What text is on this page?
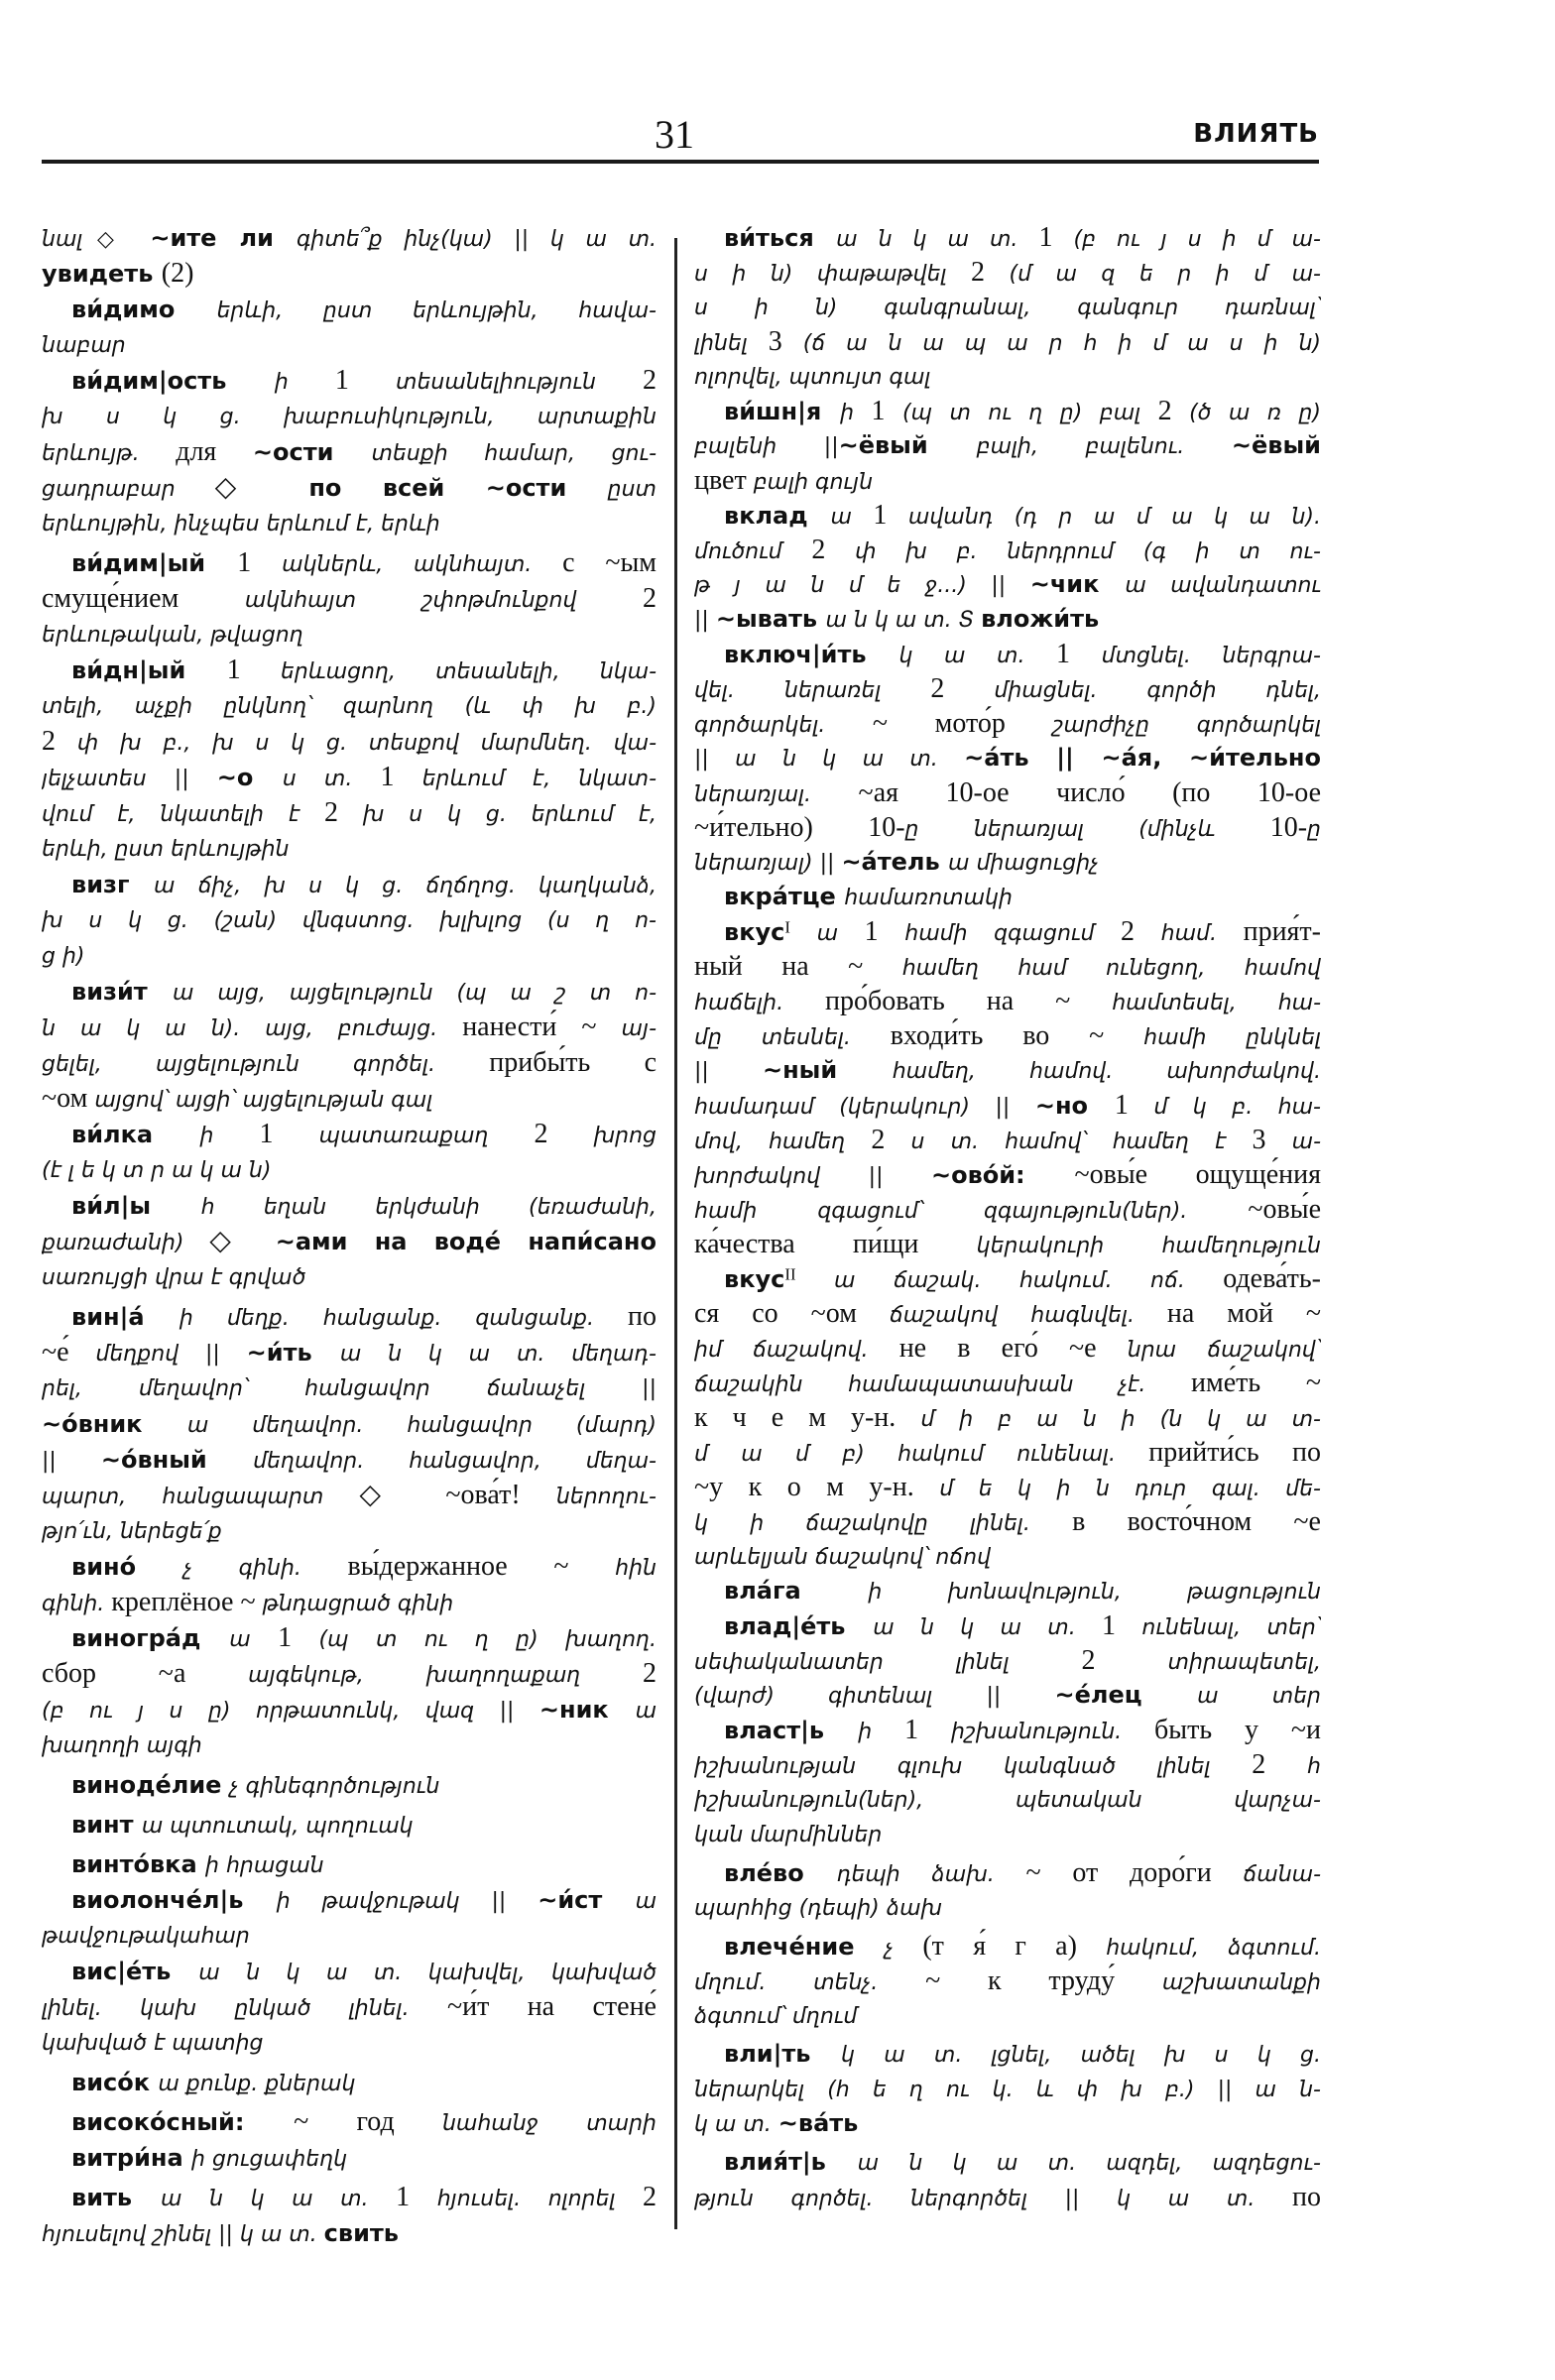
31	ВЛИЯТЬ
նալ◇ ~ите ли գիտե՞ք ինչ(կա) || կ ա տ.
увидеть (2)
ви́димо երևի, ըստ երևույթին, հավա-
նաբար
ви́дим|ость ի 1 տեսանելիություն 2
խ ս կ ց. խաբուսիկություն, արտաքին
երևույթ. для ~ости տեսքի համար, ցու-
ցադրաբար ◇ по всей ~ости ըստ
երևույթին, ինչպես երևում է, երևի
ви́дим|ый 1 ակներև, ակնհայտ. с ~ым
смуще́нием ակնհայտ շփոթմունքով 2
երևութական, թվացող
ви́дн|ый 1 երևացող, տեսանելի, նկա-
տելի, աչքի ընկնող՝ զարնող (և փ խ բ.)
2 փ խ բ., խ ս կ ց. տեսքով մարմնեղ. վա-
յելչատես || ~о ս տ. 1 երևում է, նկատ-
վում է, նկատելի է 2 խ ս կ ց. երևում է,
երևի, ըստ երևույթին
визг ա ճիչ, խ ս կ ց. ճղճղոց. կաղկանձ,
խ ս կ ց. (շան) վնգստոց. խլխլոց (ս ղ ո-
ց ի)
визи́т ա այց, այցելություն (պ ա շ տ ո-
ն ա կ ա ն). այց, բուժայց. нанести́ ~ այ-
ցելել, այցելություն գործել. прибы́ть с
~ом այցով՝ այցի՝ այցելության գալ
ви́лка ի 1 պատառաքաղ 2 խրոց
(է լ ե կ տ ր ա կ ա ն)
ви́л|ы հ եղան երկժանի (եռաժանի,
քառաժանի) ◇ ~ами на воде́ напи́сано
սառույցի վրա է գրված
вин|а́ ի մեղք. հանցանք. զանցանք. по
~е́ մեղքով || ~и́ть ա ն կ ա տ. մեղադ-
րել, մեղավոր՝ հանցավոր ճանաչել ||
~о́вник ա մեղավոր. հանցավոր (մարդ)
|| ~о́вный մեղավոր. հանցավոր, մեղա-
պարտ, հանցապարտ ◇ ~ова́т! ներողու-
թյո՛ւն, ներեցե՛ք
вино́ չ գինի. вы́держанное ~ հին
գինի. креплёное ~ թնդացրած գինի
виногра́д ա 1 (պ տ ու ղ ը) խաղող.
сбор ~а այգեկութ, խաղողաքաղ 2
(բ ու յ ս ը) որթատունկ, վազ || ~ник ա
խաղողի այգի
виноде́лие չ գինեգործություն
винт ա պտուտակ, պողուակ
винто́вка ի հրացան
виолонче́л|ь ի թավջութակ || ~и́ст ա
թավջութակահար
вис|е́ть ա ն կ ա տ. կախվել, կախված
լինել. կախ ընկած լինել. ~и́т на стене́
կախված է պատից
висо́к ա քունք. քներակ
високо́сный: ~ год նահանջ տարի
витри́на ի ցուցափեղկ
вить ա ն կ ա տ. 1 հյուսել. ոլորել 2
հյուսելով շինել || կ ա տ. свить
ви́ться ա ն կ ա տ. 1 (բ ու յ ս ի մ ա-
ս ի ն) փաթաթվել 2 (մ ա զ ե ր ի մ ա-
ս ի ն) գանգրանալ, գանգուր դառնալ՝
լինել 3 (ճ ա ն ա պ ա ր հ ի մ ա ս ի ն)
ոլորվել, պտույտ գալ
ви́шн|я ի 1 (պ տ ու ղ ը) բալ 2 (ծ ա ռ ը)
բալենի ||~ёвый բալի, բալենու. ~ёвый
цвет բալի գույն
вклад ա 1 ավանդ (դ ր ա մ ա կ ա ն).
մուծում 2 փ խ բ. ներդրում (գ ի տ ու-
թ յ ա ն մ ե ջ...) || ~чик ա ավանդատու
|| ~ывать ա ն կ ա տ. Տ вложи́ть
включ|и́ть կ ա տ. 1 մտցնել. ներգրա-
վել. ներառել 2 միացնել. գործի դնել,
գործարկել. ~ мото́р շարժիչը գործարկել
|| ա ն կ ա տ. ~а́ть || ~а́я, ~и́тельно
ներառյալ. ~ая 10-ое число́ (по 10-ое
~и́тельно) 10-ը ներառյալ (մինչև 10-ը
ներառյալ) || ~а́тель ա միացուցիչ
вкра́тце համառոտակի
вкусᴵ ա 1 համի զգացում 2 համ. прия́т-
ный на ~ համեղ համ ունեցող, համով
հաճելի. про́бовать на ~ համտեսել, հա-
մը տեսնել. входи́ть во ~ համի ընկնել
|| ~ный համեղ, համով. ախորժակով.
համադամ (կերակուր) || ~но 1 մ կ բ. հա-
մով, համեղ 2 ս տ. համով՝ համեղ է 3 ա-
խորժակով || ~ово́й: ~овы́е ощуще́ния
համի զգացում՝ զգայություն(ներ). ~овы́е
ка́чества пи́щи կերակուրի համեղություն
вкусᴵᴵ ա ճաշակ. հակում. ոճ. одева́ть-
ся со ~ом ճաշակով հագնվել. на мой ~
իմ ճաշակով. не в его́ ~е նրա ճաշակով՝
ճաշակին համապատասխան չէ. име́ть ~
к ч е м у-н. մ ի բ ա ն ի (ն կ ա տ-
մ ա մ բ) հակում ունենալ. прийти́сь по
~у к о м у-н. մ ե կ ի ն դուր գալ. մե-
կ ի ճաշակովը լինել. в восто́чном ~е
արևելյան ճաշակով՝ ոճով
вла́га ի խոնավություն, թացություն
влад|е́ть ա ն կ ա տ. 1 ունենալ, տեր՝
սեփականատեր լինել 2 տիրապետել,
(վարժ) գիտենալ || ~е́лец ա տեր
власт|ь ի 1 իշխանություն. быть у ~и
իշխանության գլուխ կանգնած լինել 2 հ
իշխանություն(ներ), պետական վարչա-
կան մարմիններ
вле́во դեպի ձախ. ~ от доро́ги ճանա-
պարհից (դեպի) ձախ
влече́ние չ (т я́ г а) հակում, ձգտում.
մղում. տենչ. ~ к труду́ աշխատանքի
ձգտում՝ մղում
вли|ть կ ա տ. լցնել, ածել խ ս կ ց.
ներարկել (հ ե ղ ու կ. և փ խ բ.) || ա ն-
կ ա տ. ~ва́ть
влия́т|ь ա ն կ ա տ. ազդել, ազդեցու-
թյուն գործել. ներգործել || կ ա տ. по
